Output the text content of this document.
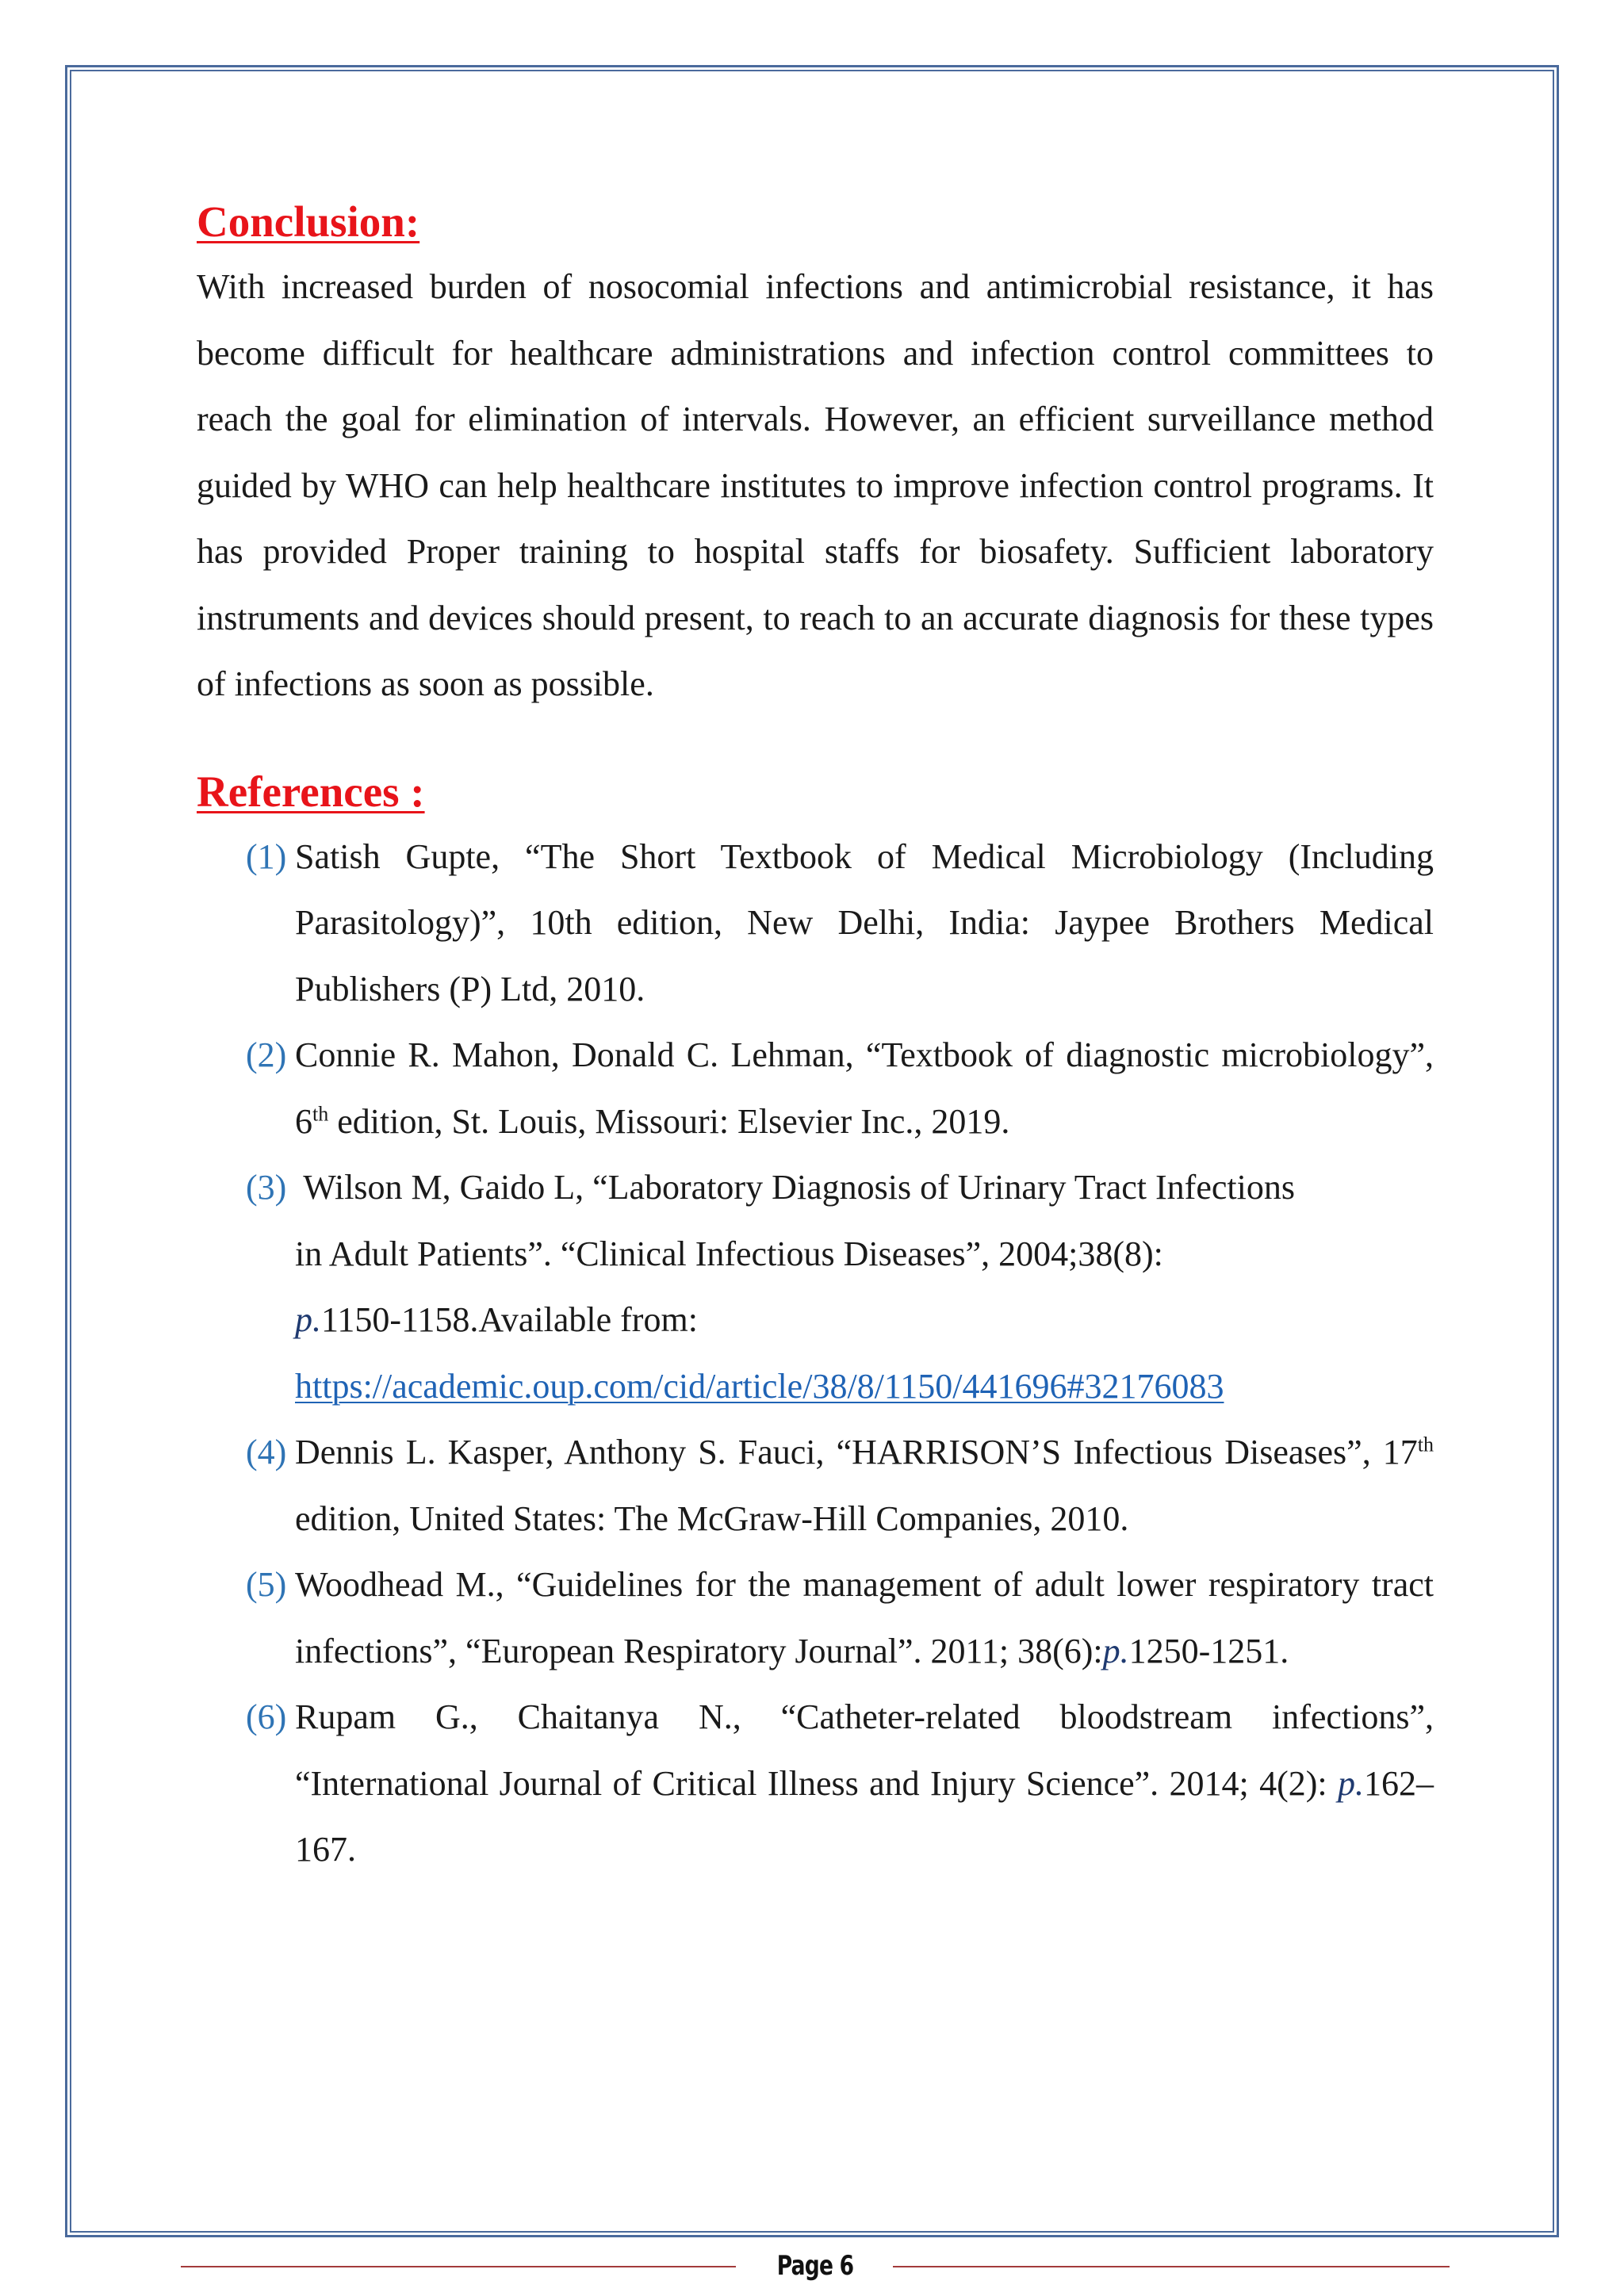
Conclusion:

With increased burden of nosocomial infections and antimicrobial resistance, it has become difficult for healthcare administrations and infection control committees to reach the goal for elimination of intervals. However, an efficient surveillance method guided by WHO can help healthcare institutes to improve infection control programs. It has provided Proper training to hospital staffs for biosafety. Sufficient laboratory instruments and devices should present, to reach to an accurate diagnosis for these types of infections as soon as possible.

References :
(1) Satish Gupte, “The Short Textbook of Medical Microbiology (Including Parasitology)”, 10th edition, New Delhi, India: Jaypee Brothers Medical Publishers (P) Ltd, 2010.
(2) Connie R. Mahon, Donald C. Lehman, “Textbook of diagnostic microbiology”, 6th edition, St. Louis, Missouri: Elsevier Inc., 2019.
(3) Wilson M, Gaido L, “Laboratory Diagnosis of Urinary Tract Infections
in Adult Patients”. “Clinical Infectious Diseases”, 2004;38(8):
p.1150-1158.Available from:
https://academic.oup.com/cid/article/38/8/1150/441696#32176083
(4) Dennis L. Kasper, Anthony S. Fauci, “HARRISON’S Infectious Diseases”, 17th edition, United States: The McGraw-Hill Companies, 2010.
(5) Woodhead M., “Guidelines for the management of adult lower respiratory tract infections”, “European Respiratory Journal”. 2011; 38(6):p.1250-1251.
(6) Rupam G., Chaitanya N., “Catheter-related bloodstream infections”, “International Journal of Critical Illness and Injury Science”. 2014; 4(2): p.162–167.
Page 6
